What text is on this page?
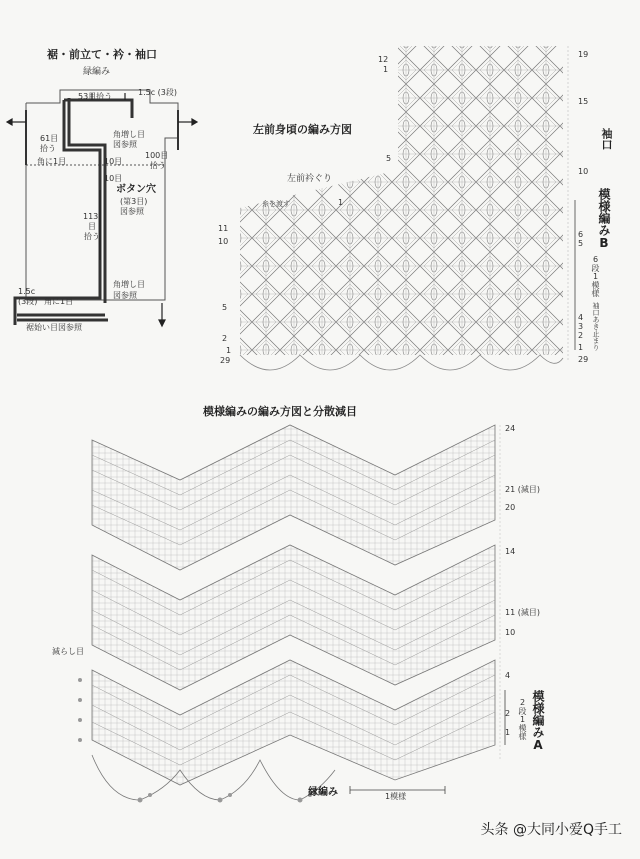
裾・前立て・衿・袖口
緑編み
53目拾う	1.5c (3段)
61目
拾う
角に1目
角増し目
図参照
10目
10目
100目
拾う
ボタン穴
(第3目)
図参照
113
目
拾う
角増し目
図参照
1.5c
(3段) 角に1目
裾始い目図参照
左前身頃の編み方図
左前衿ぐり
11
10
5
2
1
29
12
1
5
1
19
15
10
6
5
4
3
2
1
29
袖口
模様編みB
6段1模様
袖口あき止まり
模様編みの編み方図と分散減目
24
21 (減目)
20
14
11 (減目)
10
4
2
1
減らし目
縁編み	1模様
模様編みA
2段1模様
头条 @大同小爱Q手工
